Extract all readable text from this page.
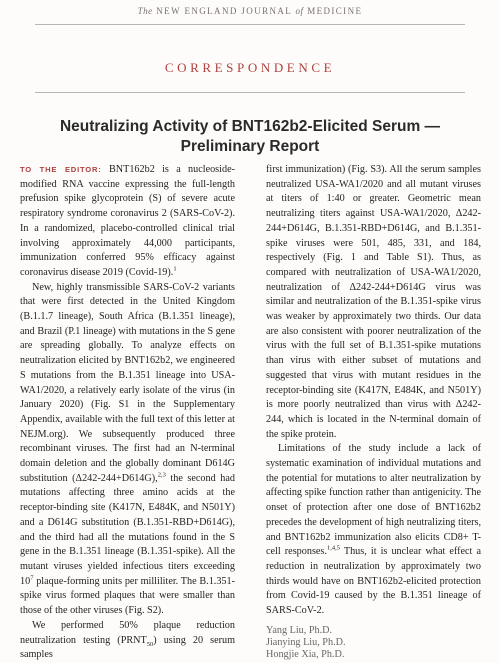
The NEW ENGLAND JOURNAL of MEDICINE
CORRESPONDENCE
Neutralizing Activity of BNT162b2-Elicited Serum — Preliminary Report

TO THE EDITOR: BNT162b2 is a nucleoside-modified RNA vaccine expressing the full-length prefusion spike glycoprotein (S) of severe acute respiratory syndrome coronavirus 2 (SARS-CoV-2). In a randomized, placebo-controlled clinical trial involving approximately 44,000 participants, immunization conferred 95% efficacy against coronavirus disease 2019 (Covid-19).$^1$

New, highly transmissible SARS-CoV-2 variants that were first detected in the United Kingdom (B.1.1.7 lineage), South Africa (B.1.351 lineage), and Brazil (P.1 lineage) with mutations in the S gene are spreading globally. To analyze effects on neutralization elicited by BNT162b2, we engineered S mutations from the B.1.351 lineage into USA-WA1/2020, a relatively early isolate of the virus (in January 2020) (Fig. S1 in the Supplementary Appendix, available with the full text of this letter at NEJM.org). We subsequently produced three recombinant viruses. The first had an N-terminal domain deletion and the globally dominant D614G substitution (Δ242-244+D614G),$^{2,3}$ the second had mutations affecting three amino acids at the receptor-binding site (K417N, E484K, and N501Y) and a D614G substitution (B.1.351-RBD+D614G), and the third had all the mutations found in the S gene in the B.1.351 lineage (B.1.351-spike). All the mutant viruses yielded infectious titers exceeding $10^7$ plaque-forming units per milliliter. The B.1.351-spike virus formed plaques that were smaller than those of the other viruses (Fig. S2).

We performed 50% plaque reduction neutralization testing $(PRNT_{50})$ using 20 serum samples

first immunization) (Fig. S3). All the serum samples neutralized USA-WA1/2020 and all mutant viruses at titers of 1:40 or greater. Geometric mean neutralizing titers against USA-WA1/2020, Δ242-244+D614G, B.1.351-RBD+D614G, and B.1.351-spike viruses were 501, 485, 331, and 184, respectively (Fig. 1 and Table S1). Thus, as compared with neutralization of USA-WA1/2020, neutralization of Δ242-244+D614G virus was similar and neutralization of the B.1.351-spike virus was weaker by approximately two thirds. Our data are also consistent with poorer neutralization of the virus with the full set of B.1.351-spike mutations than virus with either subset of mutations and suggested that virus with mutant residues in the receptor-binding site (K417N, E484K, and N501Y) is more poorly neutralized than virus with Δ242-244, which is located in the N-terminal domain of the spike protein.

Limitations of the study include a lack of systematic examination of individual mutations and the potential for mutations to alter neutralization by affecting spike function rather than antigenicity. The onset of protection after one dose of BNT162b2 precedes the development of high neutralizing titers, and BNT162b2 immunization also elicits CD8+ T-cell responses.$^{1,4,5}$ Thus, it is unclear what effect a reduction in neutralization by approximately two thirds would have on BNT162b2-elicited protection from Covid-19 caused by the B.1.351 lineage of SARS-CoV-2.

Yang Liu, Ph.D.
Jianying Liu, Ph.D.
Hongjie Xia, Ph.D.
